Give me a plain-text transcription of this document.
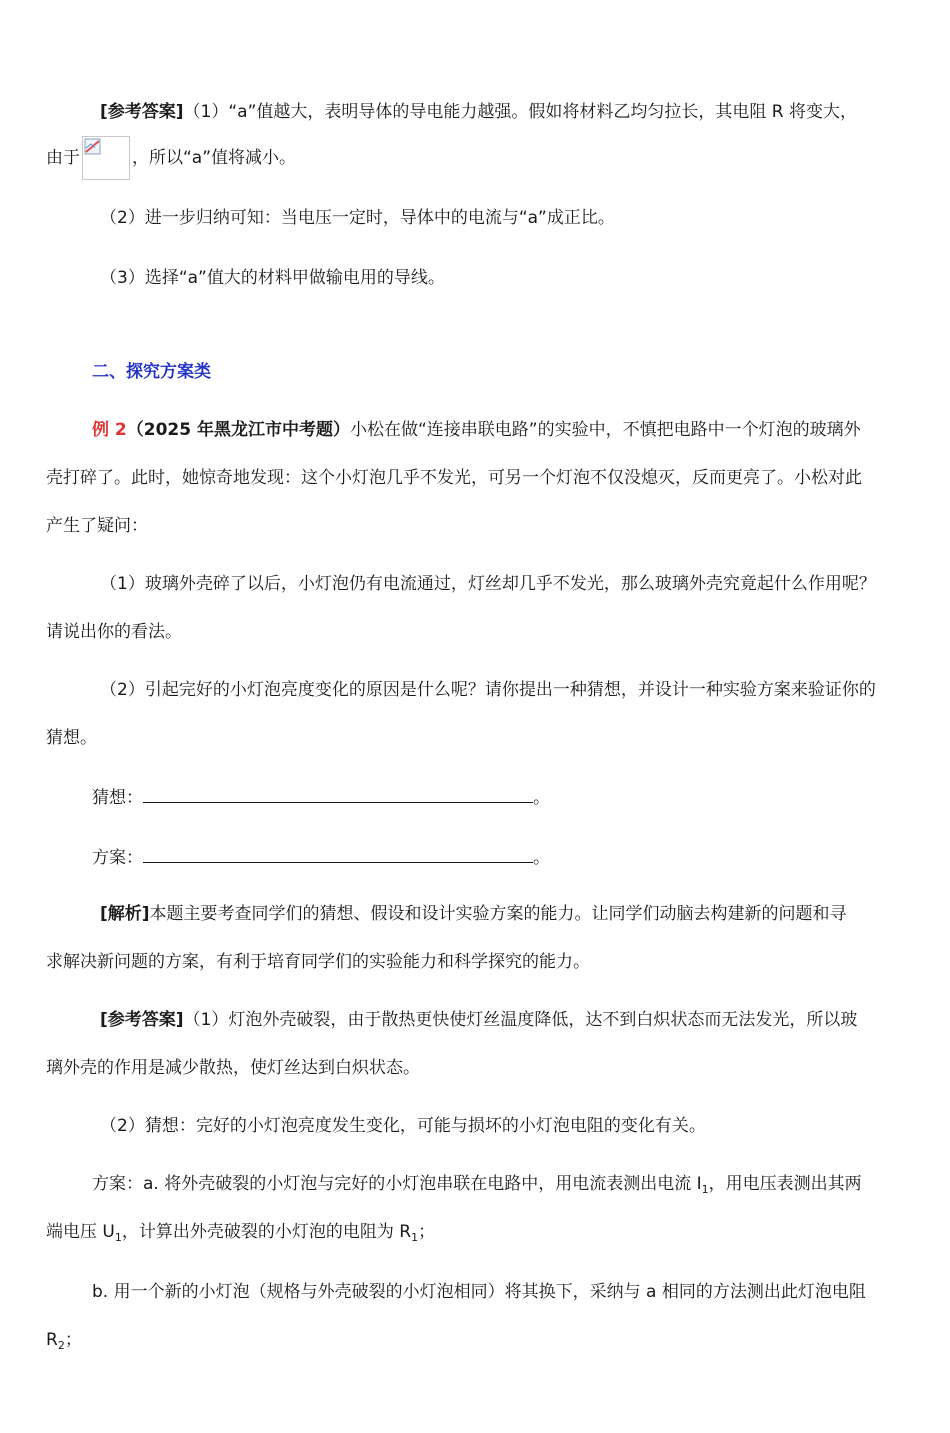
[参考答案]（1）“a”值越大，表明导体的导电能力越强。假如将材料乙均匀拉长，其电阻 R 将变大，
由于	，所以“a”值将减小。
（2）进一步归纳可知：当电压一定时，导体中的电流与“a”成正比。
（3）选择“a”值大的材料甲做输电用的导线。
二、探究方案类
例 2（2025 年黑龙江市中考题）小松在做“连接串联电路”的实验中，不慎把电路中一个灯泡的玻璃外
壳打碎了。此时，她惊奇地发现：这个小灯泡几乎不发光，可另一个灯泡不仅没熄灭，反而更亮了。小松对此
产生了疑问：
（1）玻璃外壳碎了以后，小灯泡仍有电流通过，灯丝却几乎不发光，那么玻璃外壳究竟起什么作用呢？
请说出你的看法。
（2）引起完好的小灯泡亮度变化的原因是什么呢？请你提出一种猜想，并设计一种实验方案来验证你的
猜想。
猜想：	。
方案：	。
[解析]本题主要考查同学们的猜想、假设和设计实验方案的能力。让同学们动脑去构建新的问题和寻
求解决新问题的方案，有利于培育同学们的实验能力和科学探究的能力。
[参考答案]（1）灯泡外壳破裂，由于散热更快使灯丝温度降低，达不到白炽状态而无法发光，所以玻
璃外壳的作用是减少散热，使灯丝达到白炽状态。
（2）猜想：完好的小灯泡亮度发生变化，可能与损坏的小灯泡电阻的变化有关。
方案：a. 将外壳破裂的小灯泡与完好的小灯泡串联在电路中，用电流表测出电流 $I_1$，用电压表测出其两
端电压 $U_1$，计算出外壳破裂的小灯泡的电阻为 $R_1$；
b. 用一个新的小灯泡（规格与外壳破裂的小灯泡相同）将其换下，采纳与 a 相同的方法测出此灯泡电阻
$R_2$；
